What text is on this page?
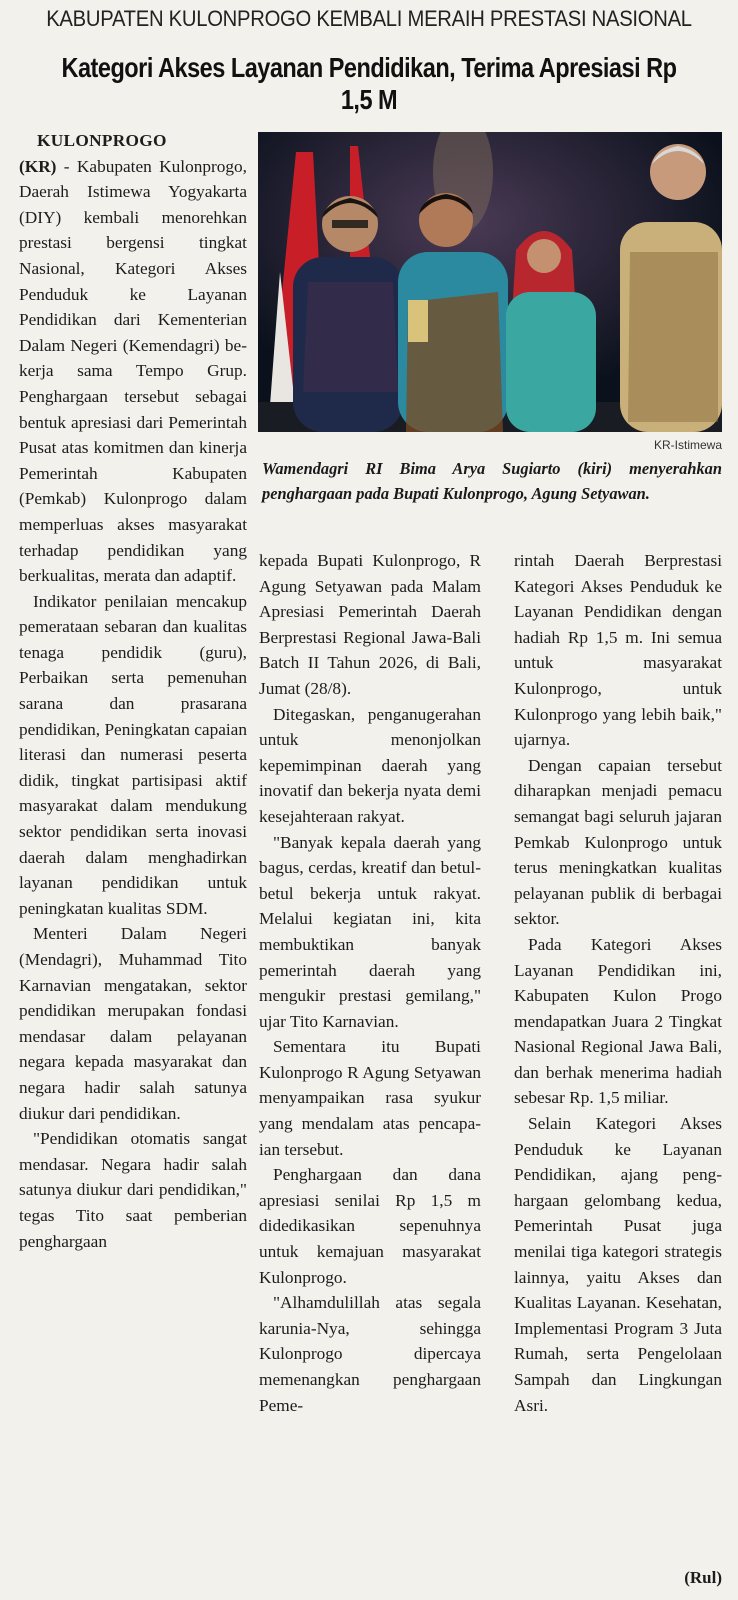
KABUPATEN KULONPROGO KEMBALI MERAIH PRESTASI NASIONAL
Kategori Akses Layanan Pendidikan, Terima Apresiasi Rp 1,5 M
KULONPROGO

(KR) - Kabupaten Kulonprogo, Daerah Istimewa Yogyakarta (DIY) kembali menorehkan prestasi bergensi tingkat Nasional, Kategori Akses Penduduk ke Layanan Pendidikan dari Kementerian Dalam Negeri (Kemendagri) bekerja sama Tempo Grup. Penghargaan tersebut sebagai bentuk apresiasi dari Pemerintah Pusat atas komitmen dan kinerja Pemerintah Kabupaten (Pemkab) Kulonprogo dalam memperluas akses masyarakat terhadap pendidikan yang berkualitas, merata dan adaptif.

Indikator penilaian mencakup pemerataan sebaran dan kualitas tenaga pendidik (guru), Perbaikan serta pemenuhan sarana dan prasarana pendidikan, Peningkatan capaian literasi dan numerasi peserta didik, tingkat partisipasi aktif masyarakat dalam mendukung sektor pendidikan serta inovasi daerah dalam menghadirkan layanan pendidikan untuk peningkatan kualitas SDM.

Menteri Dalam Negeri (Mendagri), Muhammad Tito Karnavian mengatakan, sektor pendidikan merupakan fondasi mendasar dalam pelayanan negara kepada masyarakat dan negara hadir salah satunya diukur dari pendidikan.

"Pendidikan otomatis sangat mendasar. Negara hadir salah satunya diukur dari pendidikan," tegas Tito saat pemberian penghargaan

KR-Istimewa
Wamendagri RI Bima Arya Sugiarto (kiri) menyerahkan penghargaan pada Bupati Kulonprogo, Agung Setyawan.

kepada Bupati Kulonprogo, R Agung Setyawan pada Malam Apresiasi Pemerintah Daerah Berprestasi Regional Jawa-Bali Batch II Tahun 2026, di Bali, Jumat (28/8).

Ditegaskan, penganugerahan untuk menonjolkan kepemimpinan daerah yang inovatif dan bekerja nyata demi kesejahteraan rakyat.

"Banyak kepala daerah yang bagus, cerdas, kreatif dan betul-betul bekerja untuk rakyat. Melalui kegiatan ini, kita membuktikan banyak pemerintah daerah yang mengukir prestasi gemilang," ujar Tito Karnavian.

Sementara itu Bupati Kulonprogo R Agung Setyawan menyampaikan rasa syukur yang mendalam atas pencapaian tersebut.

Penghargaan dan dana apresiasi senilai Rp 1,5 m didedikasikan sepenuhnya untuk kemajuan masyarakat Kulonprogo.

"Alhamdulillah atas segala karunia-Nya, sehingga Kulonprogo dipercaya memenangkan penghargaan Peme-

rintah Daerah Berprestasi Kategori Akses Penduduk ke Layanan Pendidikan dengan hadiah Rp 1,5 m. Ini semua untuk masyarakat Kulonprogo, untuk Kulonprogo yang lebih baik," ujarnya.

Dengan capaian tersebut diharapkan menjadi pemacu semangat bagi seluruh jajaran Pemkab Kulonprogo untuk terus meningkatkan kualitas pelayanan publik di berbagai sektor.

Pada Kategori Akses Layanan Pendidikan ini, Kabupaten Kulon Progo mendapatkan Juara 2 Tingkat Nasional Regional Jawa Bali, dan berhak menerima hadiah sebesar Rp. 1,5 miliar.

Selain Kategori Akses Penduduk ke Layanan Pendidikan, ajang penghargaan gelombang kedua, Pemerintah Pusat juga menilai tiga kategori strategis lainnya, yaitu Akses dan Kualitas Layanan. Kesehatan, Implementasi Program 3 Juta Rumah, serta Pengelolaan Sampah dan Lingkungan Asri.

(Rul)
